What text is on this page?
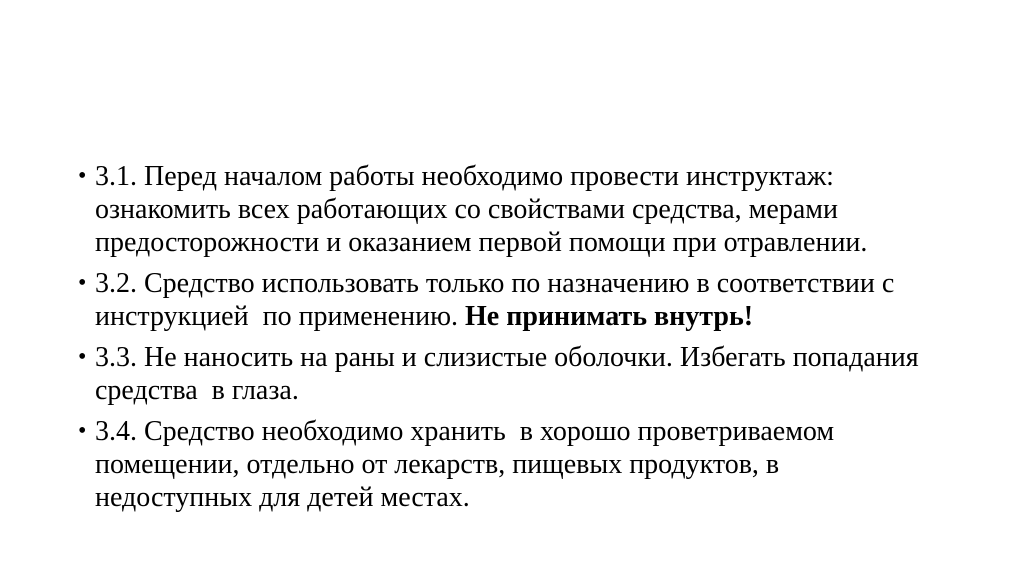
• 3.1. Перед началом работы необходимо провести инструктаж: ознакомить всех работающих со свойствами средства, мерами предосторожности и оказанием первой помощи при отравлении.
• 3.2. Средство использовать только по назначению в соответствии с инструкцией  по применению. Не принимать внутрь!
• 3.3. Не наносить на раны и слизистые оболочки. Избегать попадания средства  в глаза.
• 3.4. Средство необходимо хранить  в хорошо проветриваемом помещении, отдельно от лекарств, пищевых продуктов, в недоступных для детей местах.
